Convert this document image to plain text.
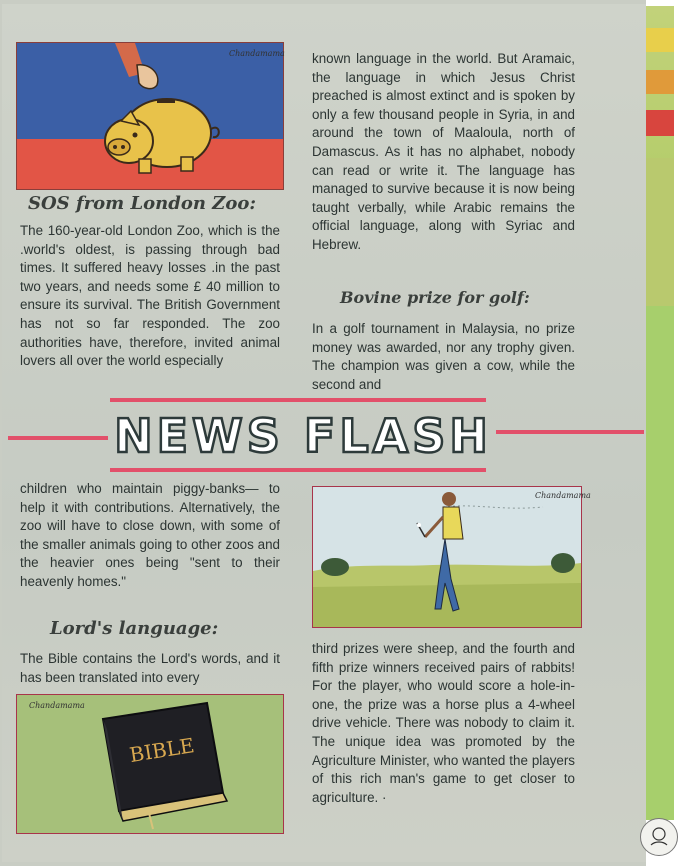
Chandamama
SOS from London Zoo:

The 160-year-old London Zoo, which is the .world's oldest, is passing through bad times. It suffered heavy losses .in the past two years, and needs some £ 40 million to ensure its survival. The British Government has not so far responded. The zoo authorities have, therefore, invited animal lovers all over the world especially

known language in the world. But Aramaic, the language in which Jesus Christ preached is almost extinct and is spoken by only a few thousand people in Syria, in and around the town of Maaloula, north of Damascus. As it has no alphabet, nobody can read or write it. The language has managed to survive because it is now being taught verbally, while Arabic remains the official language, along with Syriac and Hebrew.

Bovine prize for golf:

In a golf tournament in Malaysia, no prize money was awarded, nor any trophy given. The champion was given a cow, while the second and

NEWS FLASH

children who maintain piggy-banks— to help it with contributions. Alternatively, the zoo will have to close down, with some of the smaller animals going to other zoos and the heavier ones being "sent to their heavenly homes."

Lord's language:

The Bible contains the Lord's words, and it has been translated into every

Chandamama

third prizes were sheep, and the fourth and fifth prize winners received pairs of rabbits! For the player, who would score a hole-in-one, the prize was a horse plus a 4-wheel drive vehicle. There was nobody to claim it. The unique idea was promoted by the Agriculture Minister, who wanted the players of this rich man's game to get closer to agriculture. ·

BIBLE
Chandamama
